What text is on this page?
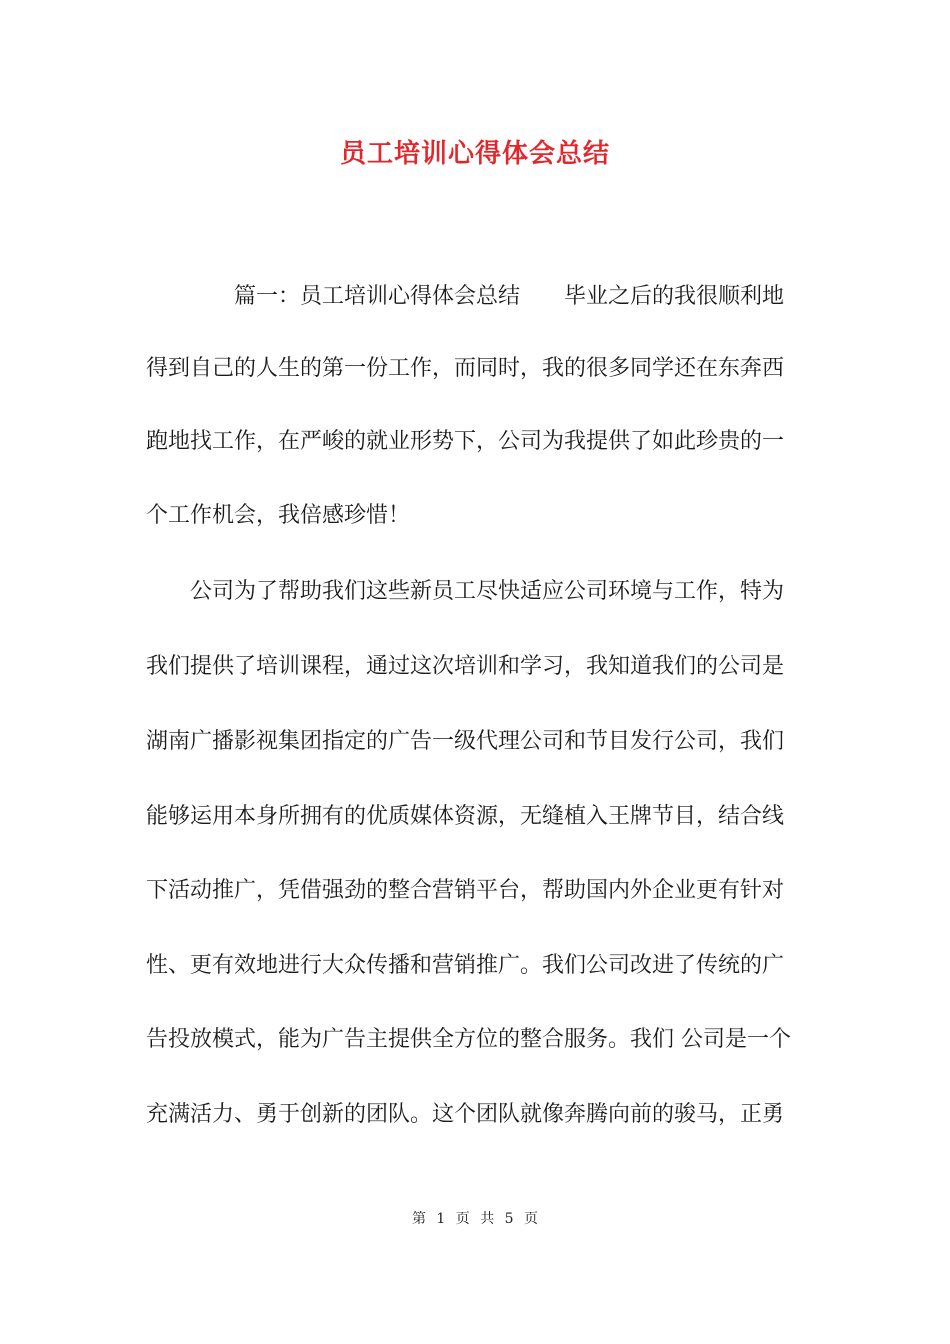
员工培训心得体会总结
　　　　篇一：员工培训心得体会总结　　毕业之后的我很顺利地
得到自己的人生的第一份工作，而同时，我的很多同学还在东奔西
跑地找工作，在严峻的就业形势下，公司为我提供了如此珍贵的一
个工作机会，我倍感珍惜！
　　公司为了帮助我们这些新员工尽快适应公司环境与工作，特为
我们提供了培训课程，通过这次培训和学习，我知道我们的公司是
湖南广播影视集团指定的广告一级代理公司和节目发行公司，我们
能够运用本身所拥有的优质媒体资源，无缝植入王牌节目，结合线
下活动推广，凭借强劲的整合营销平台，帮助国内外企业更有针对
性、更有效地进行大众传播和营销推广。我们公司改进了传统的广
告投放模式，能为广告主提供全方位的整合服务。我们 公司是一个
充满活力、勇于创新的团队。这个团队就像奔腾向前的骏马，正勇
第 1 页 共 5 页
